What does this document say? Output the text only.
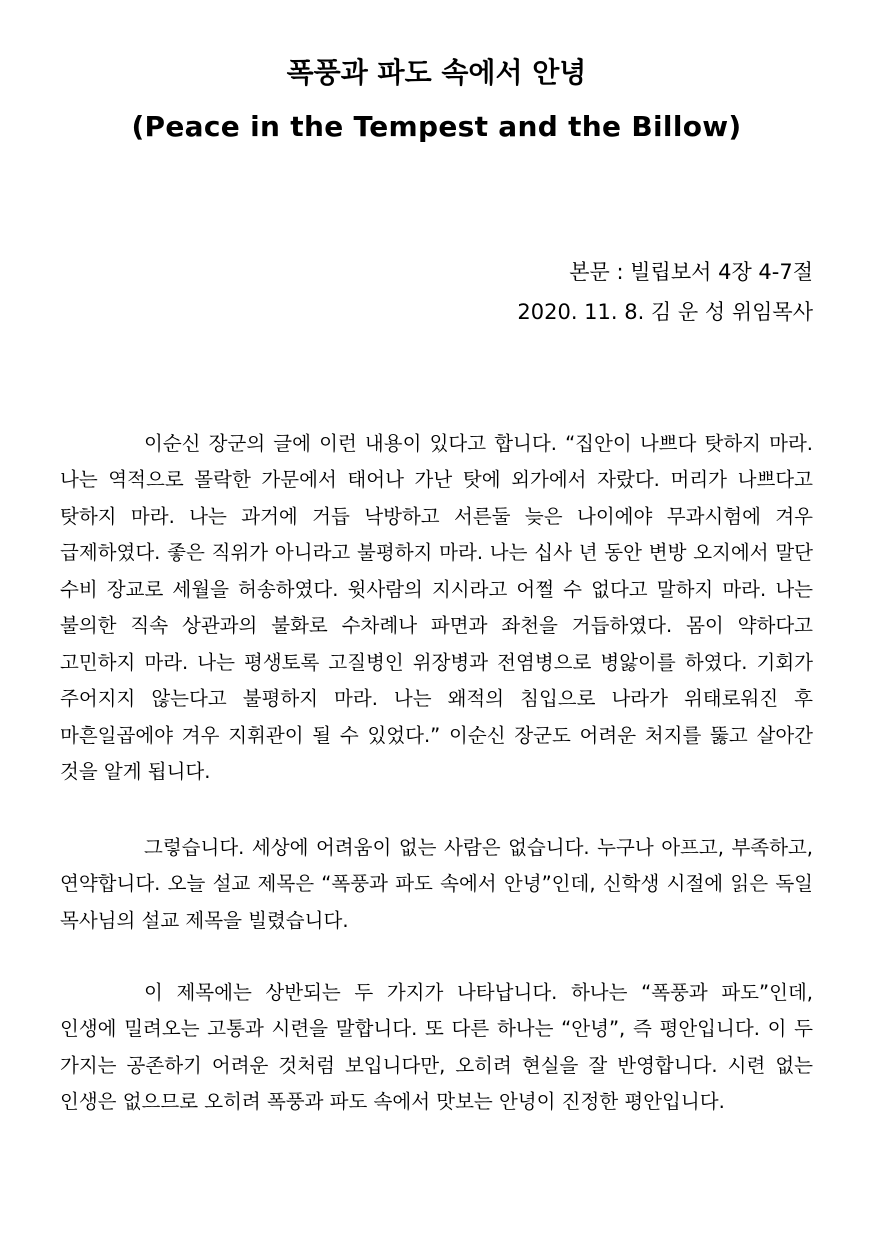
폭풍과 파도 속에서 안녕
(Peace in the Tempest and the Billow)
본문 : 빌립보서 4장 4-7절
2020. 11. 8. 김 운 성 위임목사

이순신 장군의 글에 이런 내용이 있다고 합니다. “집안이 나쁘다 탓하지 마라. 나는 역적으로 몰락한 가문에서 태어나 가난 탓에 외가에서 자랐다. 머리가 나쁘다고 탓하지 마라. 나는 과거에 거듭 낙방하고 서른둘 늦은 나이에야 무과시험에 겨우 급제하였다. 좋은 직위가 아니라고 불평하지 마라. 나는 십사 년 동안 변방 오지에서 말단 수비 장교로 세월을 허송하였다. 윗사람의 지시라고 어쩔 수 없다고 말하지 마라. 나는 불의한 직속 상관과의 불화로 수차례나 파면과 좌천을 거듭하였다. 몸이 약하다고 고민하지 마라. 나는 평생토록 고질병인 위장병과 전염병으로 병앓이를 하였다. 기회가 주어지지 않는다고 불평하지 마라. 나는 왜적의 침입으로 나라가 위태로워진 후 마흔일곱에야 겨우 지휘관이 될 수 있었다.” 이순신 장군도 어려운 처지를 뚫고 살아간 것을 알게 됩니다.

그렇습니다. 세상에 어려움이 없는 사람은 없습니다. 누구나 아프고, 부족하고, 연약합니다. 오늘 설교 제목은 “폭풍과 파도 속에서 안녕”인데, 신학생 시절에 읽은 독일 목사님의 설교 제목을 빌렸습니다.

이 제목에는 상반되는 두 가지가 나타납니다. 하나는 “폭풍과 파도”인데, 인생에 밀려오는 고통과 시련을 말합니다. 또 다른 하나는 “안녕”, 즉 평안입니다. 이 두 가지는 공존하기 어려운 것처럼 보입니다만, 오히려 현실을 잘 반영합니다. 시련 없는 인생은 없으므로 오히려 폭풍과 파도 속에서 맛보는 안녕이 진정한 평안입니다.
